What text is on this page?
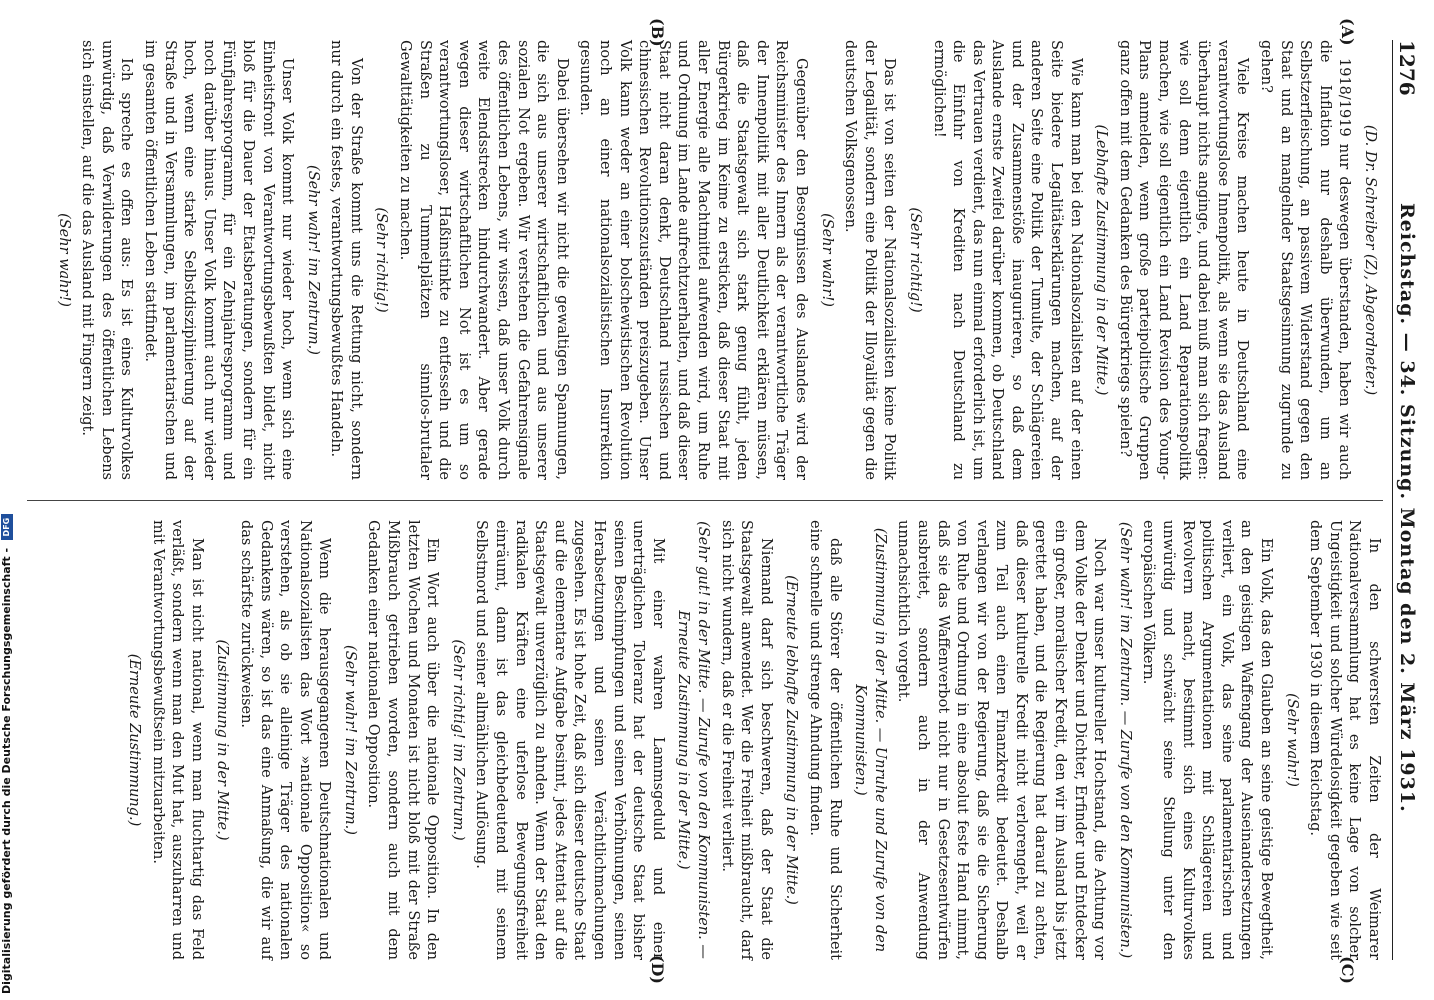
1276
Reichstag. — 34. Sitzung. Montag den 2. März 1931.
(A)
(B)
(C)
(D)

(D. Dr. Schreiber (Z), Abgeordneter.)

1918/1919 nur deswegen überstanden, haben wir auch die Inflation nur deshalb überwunden, um an Selbstzerfleischung, an passivem Widerstand gegen den Staat und an mangelnder Staatsgesinnung zugrunde zu gehen?

Viele Kreise machen heute in Deutschland eine verantwortungslose Innenpolitik, als wenn sie das Ausland überhaupt nichts anginge, und dabei muß man sich fragen: wie soll denn eigentlich ein Land Reparationspolitik machen, wie soll eigentlich ein Land Revision des Young-Plans anmelden, wenn große parteipolitische Gruppen ganz offen mit dem Gedanken des Bürgerkriegs spielen?

(Lebhafte Zustimmung in der Mitte.)

Wie kann man bei den Nationalsozialisten auf der einen Seite biedere Legalitätserklärungen machen, auf der anderen Seite eine Politik der Tumulte, der Schlägereien und der Zusammenstöße inaugurieren, so daß dem Auslande ernste Zweifel darüber kommen, ob Deutschland das Vertrauen verdient, das nun einmal erforderlich ist, um die Einfuhr von Krediten nach Deutschland zu ermöglichen!

(Sehr richtig!)

Das ist von seiten der Nationalsozialisten keine Politik der Legalität, sondern eine Politik der Illoyalität gegen die deutschen Volksgenossen.

(Sehr wahr!)

Gegenüber den Besorgnissen des Auslandes wird der Reichsminister des Innern als der verantwortliche Träger der Innenpolitik mit aller Deutlichkeit erklären müssen, daß die Staatsgewalt sich stark genug fühlt, jeden Bürgerkrieg im Keime zu ersticken, daß dieser Staat mit aller Energie alle Machtmittel aufwenden wird, um Ruhe und Ordnung im Lande aufrechtzuerhalten, und daß dieser Staat nicht daran denkt, Deutschland russischen und chinesischen Revolutionszuständen preiszugeben. Unser Volk kann weder an einer bolschewistischen Revolution noch an einer nationalsozialistischen Insurrektion gesunden.

Dabei übersehen wir nicht die gewaltigen Spannungen, die sich aus unserer wirtschaftlichen und aus unserer sozialen Not ergeben. Wir verstehen die Gefahrensignale des öffentlichen Lebens, wir wissen, daß unser Volk durch weite Elendsstrecken hindurchwandert. Aber gerade wegen dieser wirtschaftlichen Not ist es um so verantwortungsloser, Haßinstinkte zu entfesseln und die Straßen zu Tummelplätzen sinnlos-brutaler Gewalttätigkeiten zu machen.

(Sehr richtig!)

Von der Straße kommt uns die Rettung nicht, sondern nur durch ein festes, verantwortungsbewußtes Handeln.

(Sehr wahr! im Zentrum.)

Unser Volk kommt nur wieder hoch, wenn sich eine Einheitsfront von Verantwortungsbewußten bildet, nicht bloß für die Dauer der Etatsberatungen, sondern für ein Fünfjahresprogramm, für ein Zehnjahresprogramm und noch darüber hinaus. Unser Volk kommt auch nur wieder hoch, wenn eine starke Selbstdisziplinierung auf der Straße und in Versammlungen, im parlamentarischen und im gesamten öffentlichen Leben stattfindet.

Ich spreche es offen aus: Es ist eines Kulturvolkes unwürdig, daß Verwilderungen des öffentlichen Lebens sich einstellen, auf die das Ausland mit Fingern zeigt.

(Sehr wahr!)

In den schwersten Zeiten der Weimarer Nationalversammlung hat es keine Lage von solcher Ungeistigkeit und solcher Würdelosigkeit gegeben wie seit dem September 1930 in diesem Reichstag.

(Sehr wahr!)

Ein Volk, das den Glauben an seine geistige Bewegtheit, an den geistigen Waffengang der Auseinandersetzungen verliert, ein Volk, das seine parlamentarischen und politischen Argumentationen mit Schlägereien und Revolvern macht, bestimmt sich eines Kulturvolkes unwürdig und schwächt seine Stellung unter den europäischen Völkern.

(Sehr wahr! im Zentrum. — Zurufe von den Kommunisten.)

Noch war unser kultureller Hochstand, die Achtung vor dem Volke der Denker und Dichter, Erfinder und Entdecker ein großer, moralischer Kredit, den wir im Ausland bis jetzt gerettet haben, und die Regierung hat darauf zu achten, daß dieser kulturelle Kredit nicht verlorengeht, weil er zum Teil auch einen Finanzkredit bedeutet. Deshalb verlangen wir von der Regierung, daß sie die Sicherung von Ruhe und Ordnung in eine absolut feste Hand nimmt, daß sie das Waffenverbot nicht nur in Gesetzesentwürfen ausbreitet, sondern auch in der Anwendung unnachsichtlich vorgeht.

(Zustimmung in der Mitte. — Unruhe und Zurufe von den Kommunisten.)

daß alle Störer der öffentlichen Ruhe und Sicherheit eine schnelle und strenge Ahndung finden.

(Erneute lebhafte Zustimmung in der Mitte.)

Niemand darf sich beschweren, daß der Staat die Staatsgewalt anwendet. Wer die Freiheit mißbraucht, darf sich nicht wundern, daß er die Freiheit verliert.

(Sehr gut! in der Mitte. — Zurufe von den Kommunisten. — Erneute Zustimmung in der Mitte.)

Mit einer wahren Lammsgeduld und einer unerträglichen Toleranz hat der deutsche Staat bisher seinen Beschimpfungen und seinen Verhöhnungen, seinen Herabsetzungen und seinen Verächtlichmachungen zugesehen. Es ist hohe Zeit, daß sich dieser deutsche Staat auf die elementare Aufgabe besinnt, jedes Attentat auf die Staatsgewalt unverzüglich zu ahnden. Wenn der Staat den radikalen Kräften eine uferlose Bewegungsfreiheit einräumt, dann ist das gleichbedeutend mit seinem Selbstmord und seiner allmählichen Auflösung.

(Sehr richtig! im Zentrum.)

Ein Wort auch über die nationale Opposition. In den letzten Wochen und Monaten ist nicht bloß mit der Straße Mißbrauch getrieben worden, sondern auch mit dem Gedanken einer nationalen Opposition.

(Sehr wahr! im Zentrum.)

Wenn die herausgegangenen Deutschnationalen und Nationalsozialisten das Wort »nationale Opposition« so verstehen, als ob sie alleinige Träger des nationalen Gedankens wären, so ist das eine Anmaßung, die wir auf das schärfste zurückweisen.

(Zustimmung in der Mitte.)

Man ist nicht national, wenn man fluchtartig das Feld verläßt, sondern wenn man den Mut hat, auszuharren und mit Verantwortungsbewußtsein mitzuarbeiten.

(Erneute Zustimmung.)

Digitalisierung gefördert durch die Deutsche Forschungsgemeinschaft - DFG
